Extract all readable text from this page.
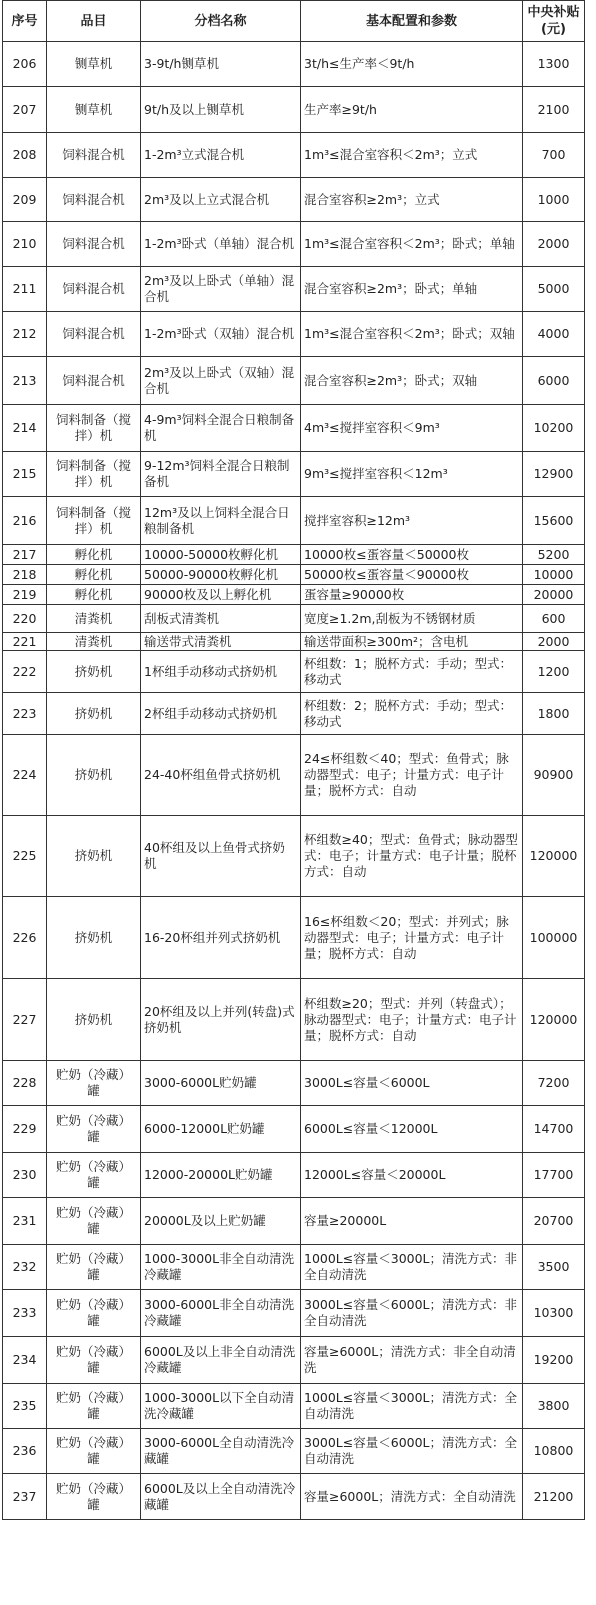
序号	品目	分档名称	基本配置和参数	中央补贴(元)
206	铡草机	3-9t/h铡草机	3t/h≤生产率＜9t/h	1300
207	铡草机	9t/h及以上铡草机	生产率≥9t/h	2100
208	饲料混合机	1-2m³立式混合机	1m³≤混合室容积＜2m³；立式	700
209	饲料混合机	2m³及以上立式混合机	混合室容积≥2m³；立式	1000
210	饲料混合机	1-2m³卧式（单轴）混合机	1m³≤混合室容积＜2m³；卧式；单轴	2000
211	饲料混合机	2m³及以上卧式（单轴）混合机	混合室容积≥2m³；卧式；单轴	5000
212	饲料混合机	1-2m³卧式（双轴）混合机	1m³≤混合室容积＜2m³；卧式；双轴	4000
213	饲料混合机	2m³及以上卧式（双轴）混合机	混合室容积≥2m³；卧式；双轴	6000
214	饲料制备（搅拌）机	4-9m³饲料全混合日粮制备机	4m³≤搅拌室容积＜9m³	10200
215	饲料制备（搅拌）机	9-12m³饲料全混合日粮制备机	9m³≤搅拌室容积＜12m³	12900
216	饲料制备（搅拌）机	12m³及以上饲料全混合日粮制备机	搅拌室容积≥12m³	15600
217	孵化机	10000-50000枚孵化机	10000枚≤蛋容量＜50000枚	5200
218	孵化机	50000-90000枚孵化机	50000枚≤蛋容量＜90000枚	10000
219	孵化机	90000枚及以上孵化机	蛋容量≥90000枚	20000
220	清粪机	刮板式清粪机	宽度≥1.2m,刮板为不锈钢材质	600
221	清粪机	输送带式清粪机	输送带面积≥300m²；含电机	2000
222	挤奶机	1杯组手动移动式挤奶机	杯组数：1；脱杯方式：手动；型式：移动式	1200
223	挤奶机	2杯组手动移动式挤奶机	杯组数：2；脱杯方式：手动；型式：移动式	1800
224	挤奶机	24-40杯组鱼骨式挤奶机	24≤杯组数＜40；型式：鱼骨式；脉动器型式：电子；计量方式：电子计量；脱杯方式：自动	90900
225	挤奶机	40杯组及以上鱼骨式挤奶机	杯组数≥40；型式：鱼骨式；脉动器型式：电子；计量方式：电子计量；脱杯方式：自动	120000
226	挤奶机	16-20杯组并列式挤奶机	16≤杯组数＜20；型式：并列式；脉动器型式：电子；计量方式：电子计量；脱杯方式：自动	100000
227	挤奶机	20杯组及以上并列(转盘)式挤奶机	杯组数≥20；型式：并列（转盘式）；脉动器型式：电子；计量方式：电子计量；脱杯方式：自动	120000
228	贮奶（冷藏）罐	3000-6000L贮奶罐	3000L≤容量＜6000L	7200
229	贮奶（冷藏）罐	6000-12000L贮奶罐	6000L≤容量＜12000L	14700
230	贮奶（冷藏）罐	12000-20000L贮奶罐	12000L≤容量＜20000L	17700
231	贮奶（冷藏）罐	20000L及以上贮奶罐	容量≥20000L	20700
232	贮奶（冷藏）罐	1000-3000L非全自动清洗冷藏罐	1000L≤容量＜3000L；清洗方式：非全自动清洗	3500
233	贮奶（冷藏）罐	3000-6000L非全自动清洗冷藏罐	3000L≤容量＜6000L；清洗方式：非全自动清洗	10300
234	贮奶（冷藏）罐	6000L及以上非全自动清洗冷藏罐	容量≥6000L；清洗方式：非全自动清洗	19200
235	贮奶（冷藏）罐	1000-3000L以下全自动清洗冷藏罐	1000L≤容量＜3000L；清洗方式：全自动清洗	3800
236	贮奶（冷藏）罐	3000-6000L全自动清洗冷藏罐	3000L≤容量＜6000L；清洗方式：全自动清洗	10800
237	贮奶（冷藏）罐	6000L及以上全自动清洗冷藏罐	容量≥6000L；清洗方式：全自动清洗	21200
